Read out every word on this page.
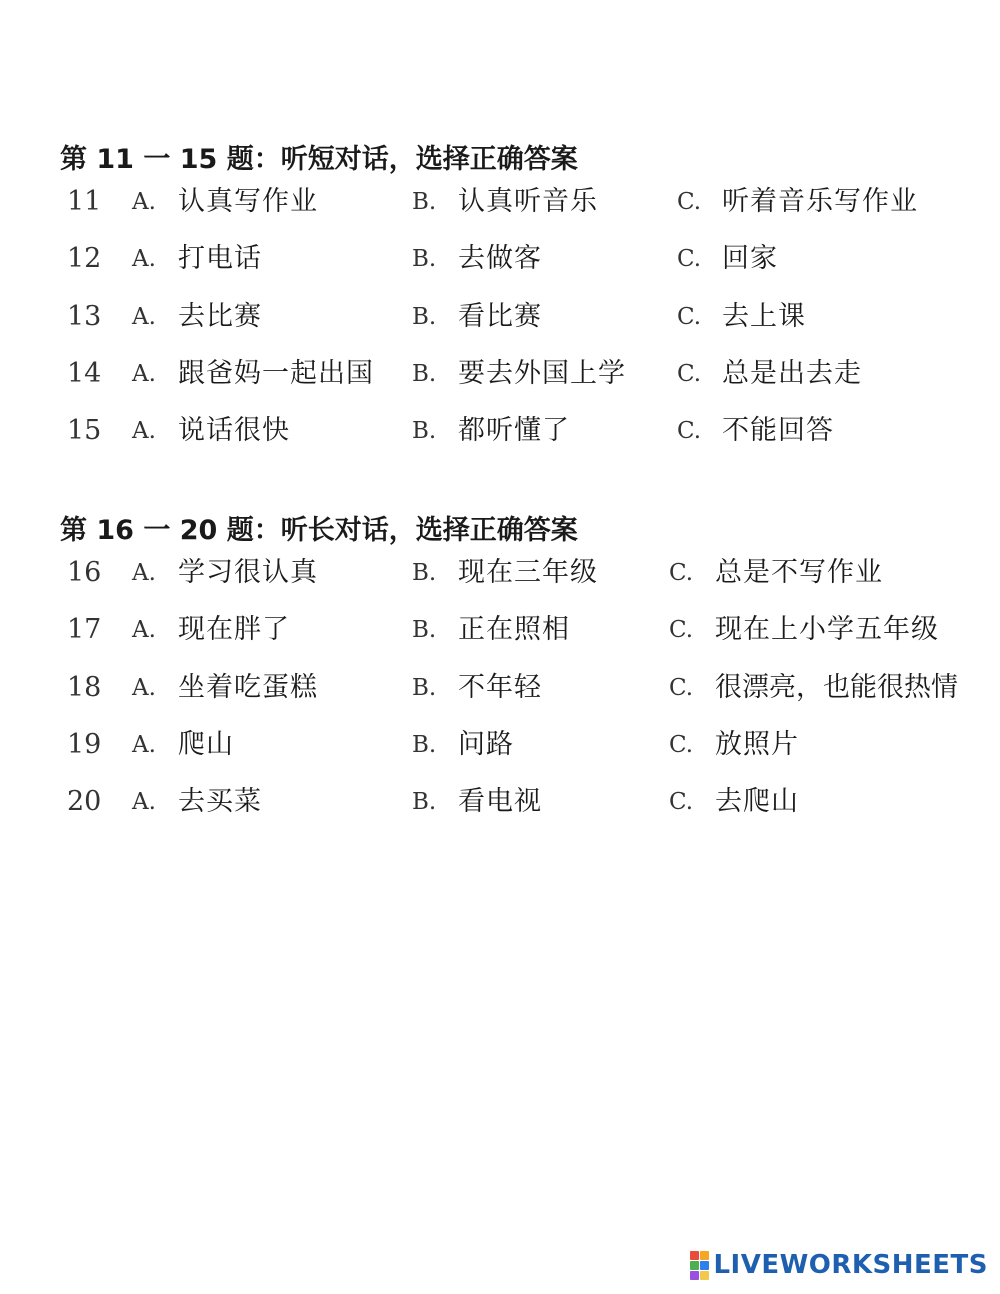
第 11 一 15 题：听短对话，选择正确答案
11 A. 认真写作业	B. 认真听音乐	C. 听着音乐写作业
12 A. 打电话	B. 去做客	C. 回家
13 A. 去比赛	B. 看比赛	C. 去上课
14 A. 跟爸妈一起出国 B. 要去外国上学 C. 总是出去走
15 A. 说话很快	B. 都听懂了	C. 不能回答
第 16 一 20 题：听长对话，选择正确答案
16 A. 学习很认真	B. 现在三年级	C. 总是不写作业
17 A. 现在胖了	B. 正在照相	C. 现在上小学五年级
18 A. 坐着吃蛋糕	B. 不年轻	C. 很漂亮，也能很热情
19 A. 爬山	B. 问路	C. 放照片
20 A. 去买菜	B. 看电视	C. 去爬山
LIVEWORKSHEETS
